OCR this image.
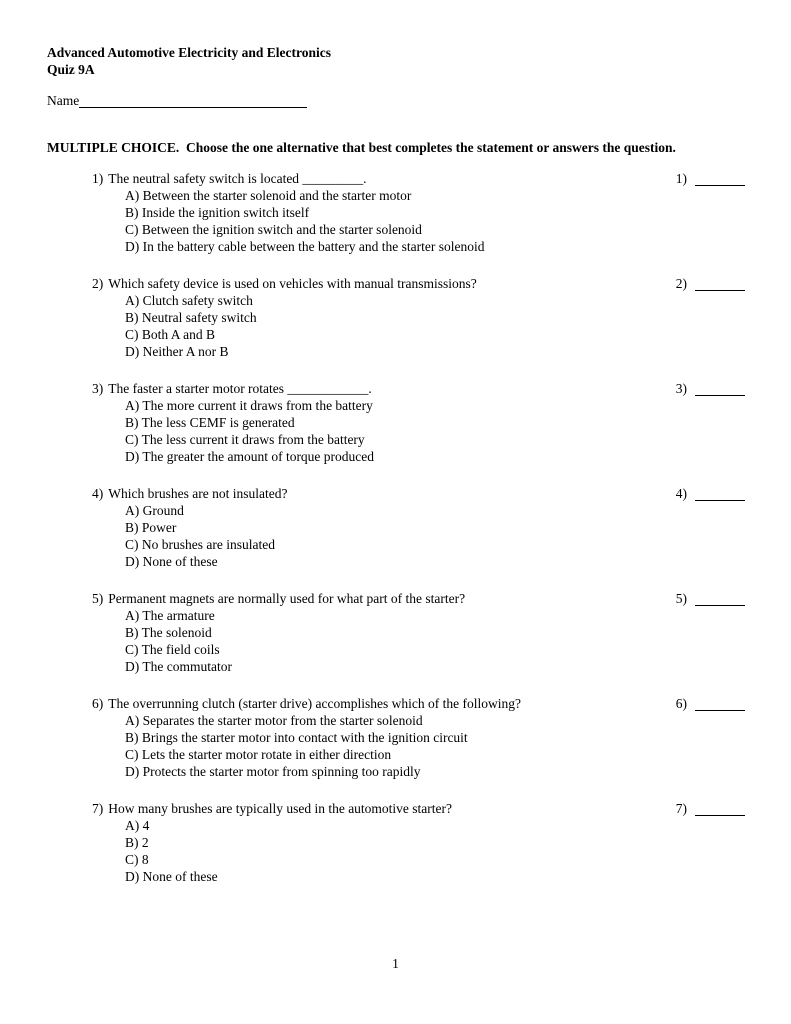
Advanced Automotive Electricity and Electronics
Quiz 9A
Name
MULTIPLE CHOICE. Choose the one alternative that best completes the statement or answers the question.
1) The neutral safety switch is located _________.	1)
A) Between the starter solenoid and the starter motor
B) Inside the ignition switch itself
C) Between the ignition switch and the starter solenoid
D) In the battery cable between the battery and the starter solenoid
2) Which safety device is used on vehicles with manual transmissions?	2)
A) Clutch safety switch
B) Neutral safety switch
C) Both A and B
D) Neither A nor B
3) The faster a starter motor rotates ____________.	3)
A) The more current it draws from the battery
B) The less CEMF is generated
C) The less current it draws from the battery
D) The greater the amount of torque produced
4) Which brushes are not insulated?	4)
A) Ground
B) Power
C) No brushes are insulated
D) None of these
5) Permanent magnets are normally used for what part of the starter?	5)
A) The armature
B) The solenoid
C) The field coils
D) The commutator
6) The overrunning clutch (starter drive) accomplishes which of the following?	6)
A) Separates the starter motor from the starter solenoid
B) Brings the starter motor into contact with the ignition circuit
C) Lets the starter motor rotate in either direction
D) Protects the starter motor from spinning too rapidly
7) How many brushes are typically used in the automotive starter?	7)
A) 4
B) 2
C) 8
D) None of these
1
